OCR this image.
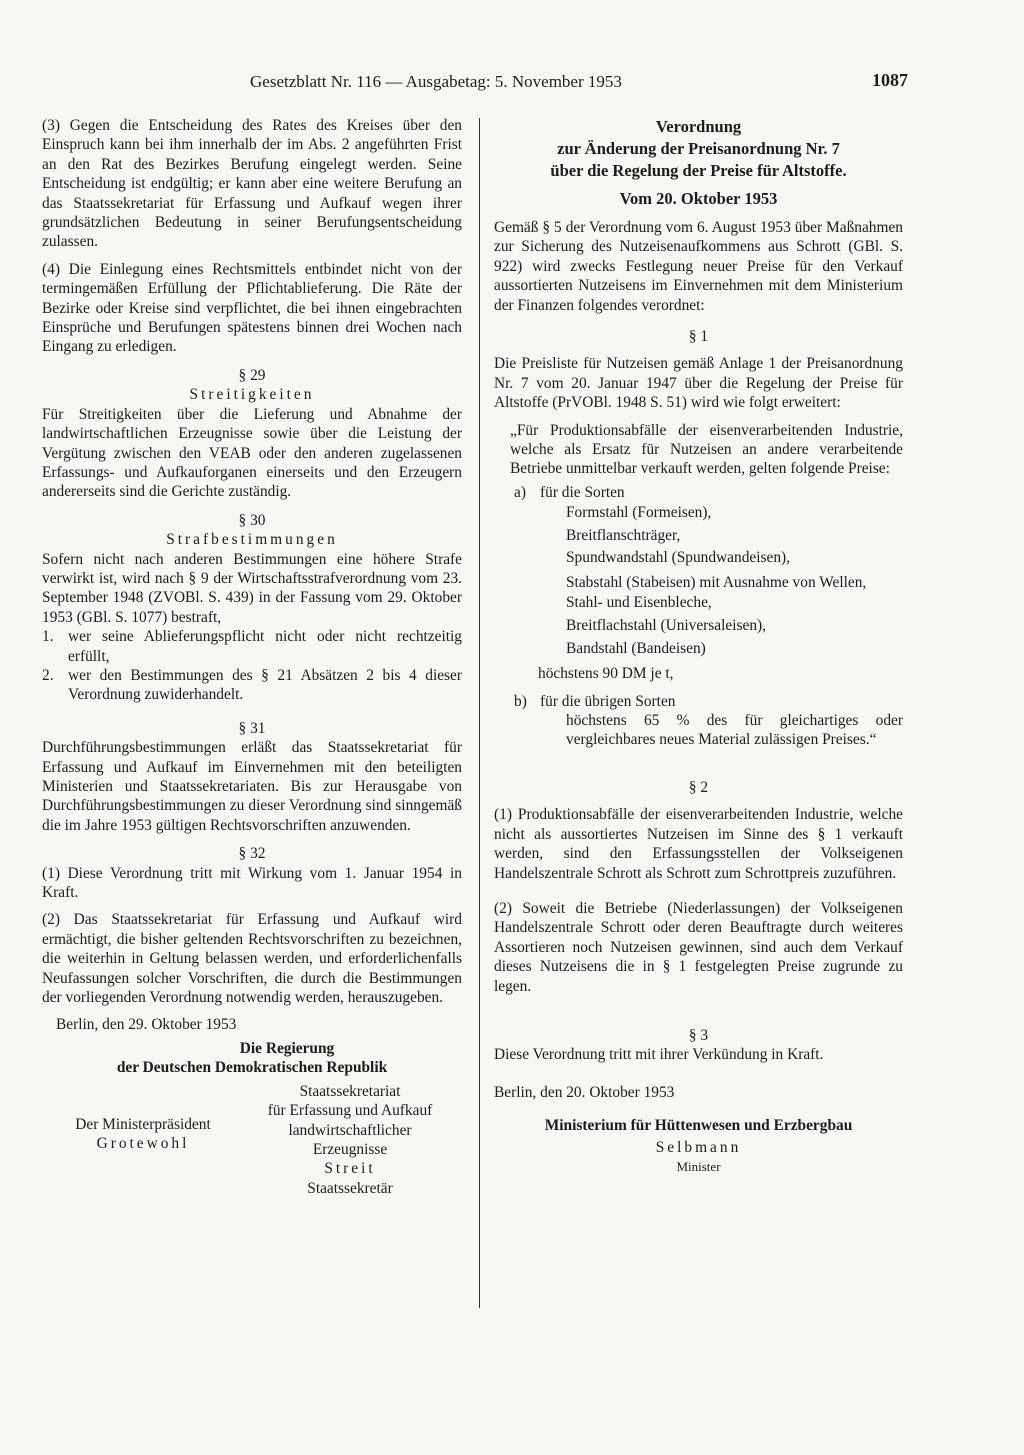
Gesetzblatt Nr. 116 — Ausgabetag: 5. November 1953	1087

(3) Gegen die Entscheidung des Rates des Kreises über den Einspruch kann bei ihm innerhalb der im Abs. 2 angeführten Frist an den Rat des Bezirkes Berufung eingelegt werden. Seine Entscheidung ist endgültig; er kann aber eine weitere Berufung an das Staatssekretariat für Erfassung und Aufkauf wegen ihrer grundsätzlichen Bedeutung in seiner Berufungsentscheidung zulassen.

(4) Die Einlegung eines Rechtsmittels entbindet nicht von der termingemäßen Erfüllung der Pflichtablieferung. Die Räte der Bezirke oder Kreise sind verpflichtet, die bei ihnen eingebrachten Einsprüche und Berufungen spätestens binnen drei Wochen nach Eingang zu erledigen.

§ 29
Streitigkeiten

Für Streitigkeiten über die Lieferung und Abnahme der landwirtschaftlichen Erzeugnisse sowie über die Leistung der Vergütung zwischen den VEAB oder den anderen zugelassenen Erfassungs- und Aufkauforganen einerseits und den Erzeugern andererseits sind die Gerichte zuständig.

§ 30
Strafbestimmungen

Sofern nicht nach anderen Bestimmungen eine höhere Strafe verwirkt ist, wird nach § 9 der Wirtschaftsstrafverordnung vom 23. September 1948 (ZVOBl. S. 439) in der Fassung vom 29. Oktober 1953 (GBl. S. 1077) bestraft,

1. wer seine Ablieferungspflicht nicht oder nicht rechtzeitig erfüllt,
2. wer den Bestimmungen des § 21 Absätzen 2 bis 4 dieser Verordnung zuwiderhandelt.
§ 31

Durchführungsbestimmungen erläßt das Staatssekretariat für Erfassung und Aufkauf im Einvernehmen mit den beteiligten Ministerien und Staatssekretariaten. Bis zur Herausgabe von Durchführungsbestimmungen zu dieser Verordnung sind sinngemäß die im Jahre 1953 gültigen Rechtsvorschriften anzuwenden.

§ 32

(1) Diese Verordnung tritt mit Wirkung vom 1. Januar 1954 in Kraft.

(2) Das Staatssekretariat für Erfassung und Aufkauf wird ermächtigt, die bisher geltenden Rechtsvorschriften zu bezeichnen, die weiterhin in Geltung belassen werden, und erforderlichenfalls Neufassungen solcher Vorschriften, die durch die Bestimmungen der vorliegenden Verordnung notwendig werden, herauszugeben.

Berlin, den 29. Oktober 1953
Die Regierung
der Deutschen Demokratischen Republik
Der Ministerpräsident
Grotewohl
Staatssekretariat
für Erfassung und Aufkauf
landwirtschaftlicher
Erzeugnisse
Streit
Staatssekretär
Verordnung
zur Änderung der Preisanordnung Nr. 7
über die Regelung der Preise für Altstoffe.
Vom 20. Oktober 1953

Gemäß § 5 der Verordnung vom 6. August 1953 über Maßnahmen zur Sicherung des Nutzeisenaufkommens aus Schrott (GBl. S. 922) wird zwecks Festlegung neuer Preise für den Verkauf aussortierten Nutzeisens im Einvernehmen mit dem Ministerium der Finanzen folgendes verordnet:

§ 1

Die Preisliste für Nutzeisen gemäß Anlage 1 der Preisanordnung Nr. 7 vom 20. Januar 1947 über die Regelung der Preise für Altstoffe (PrVOBl. 1948 S. 51) wird wie folgt erweitert:

„Für Produktionsabfälle der eisenverarbeitenden Industrie, welche als Ersatz für Nutzeisen an andere verarbeitende Betriebe unmittelbar verkauft werden, gelten folgende Preise:

a) für die Sorten
Formstahl (Formeisen),
Breitflanschträger,
Spundwandstahl (Spundwandeisen),
Stabstahl (Stabeisen) mit Ausnahme von Wellen,
Stahl- und Eisenbleche,
Breitflachstahl (Universaleisen),
Bandstahl (Bandeisen)
höchstens 90 DM je t,
b) für die übrigen Sorten

höchstens 65 % des für gleichartiges oder vergleichbares neues Material zulässigen Preises.“

§ 2

(1) Produktionsabfälle der eisenverarbeitenden Industrie, welche nicht als aussortiertes Nutzeisen im Sinne des § 1 verkauft werden, sind den Erfassungsstellen der Volkseigenen Handelszentrale Schrott als Schrott zum Schrottpreis zuzuführen.

(2) Soweit die Betriebe (Niederlassungen) der Volkseigenen Handelszentrale Schrott oder deren Beauftragte durch weiteres Assortieren noch Nutzeisen gewinnen, sind auch dem Verkauf dieses Nutzeisens die in § 1 festgelegten Preise zugrunde zu legen.

§ 3

Diese Verordnung tritt mit ihrer Verkündung in Kraft.

Berlin, den 20. Oktober 1953
Ministerium für Hüttenwesen und Erzbergbau
Selbmann
Minister
